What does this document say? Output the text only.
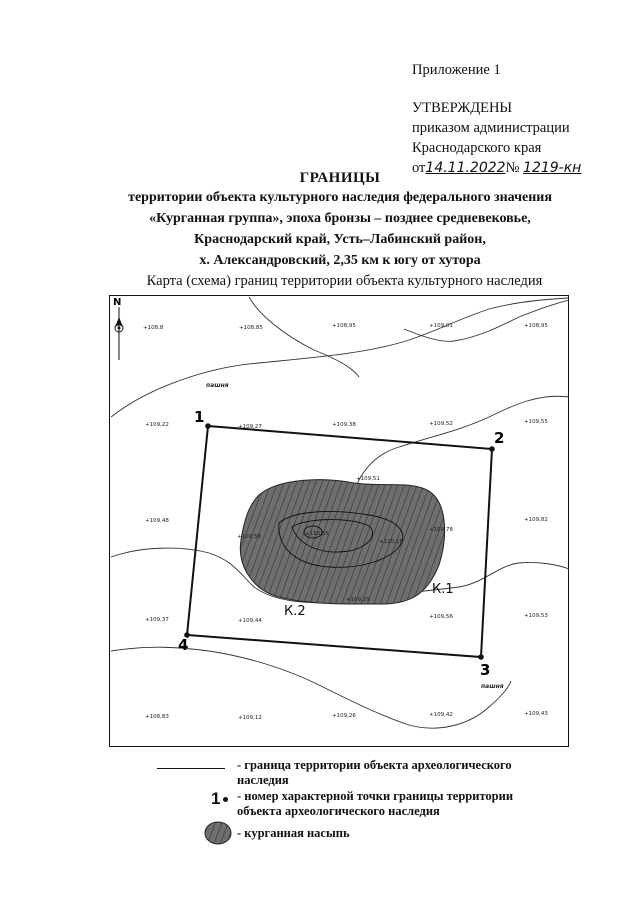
Приложение 1
УТВЕРЖДЕНЫ
приказом администрации
Краснодарского края
от14.11.2022№ 1219-кн
ГРАНИЦЫ
территории объекта культурного наследия федерального значения
«Курганная группа», эпоха бронзы – позднее средневековье,
Краснодарский край, Усть–Лабинский район,
х. Александровский, 2,35 км к югу от хутора
Карта (схема) границ территории объекта культурного наследия
N
1
2
3
4
К.1
К.2
+108,8	+108,85	+108,95	+109,01	+108,95
+109,22	+109,27	+109,38	+109,52	+109,55
+109,51
+109,48
+109,58	+110,55
+110,18
+109,78
+109,82
+109,29
+109,37	+109,44
+109,56	+109,53
+108,83	+109,12	+109,26	+109,42	+109,43
пашня
пашня
- граница территории объекта археологического
наследия
1	- номер характерной точки границы территории
объекта археологического наследия
- курганная насыпь
